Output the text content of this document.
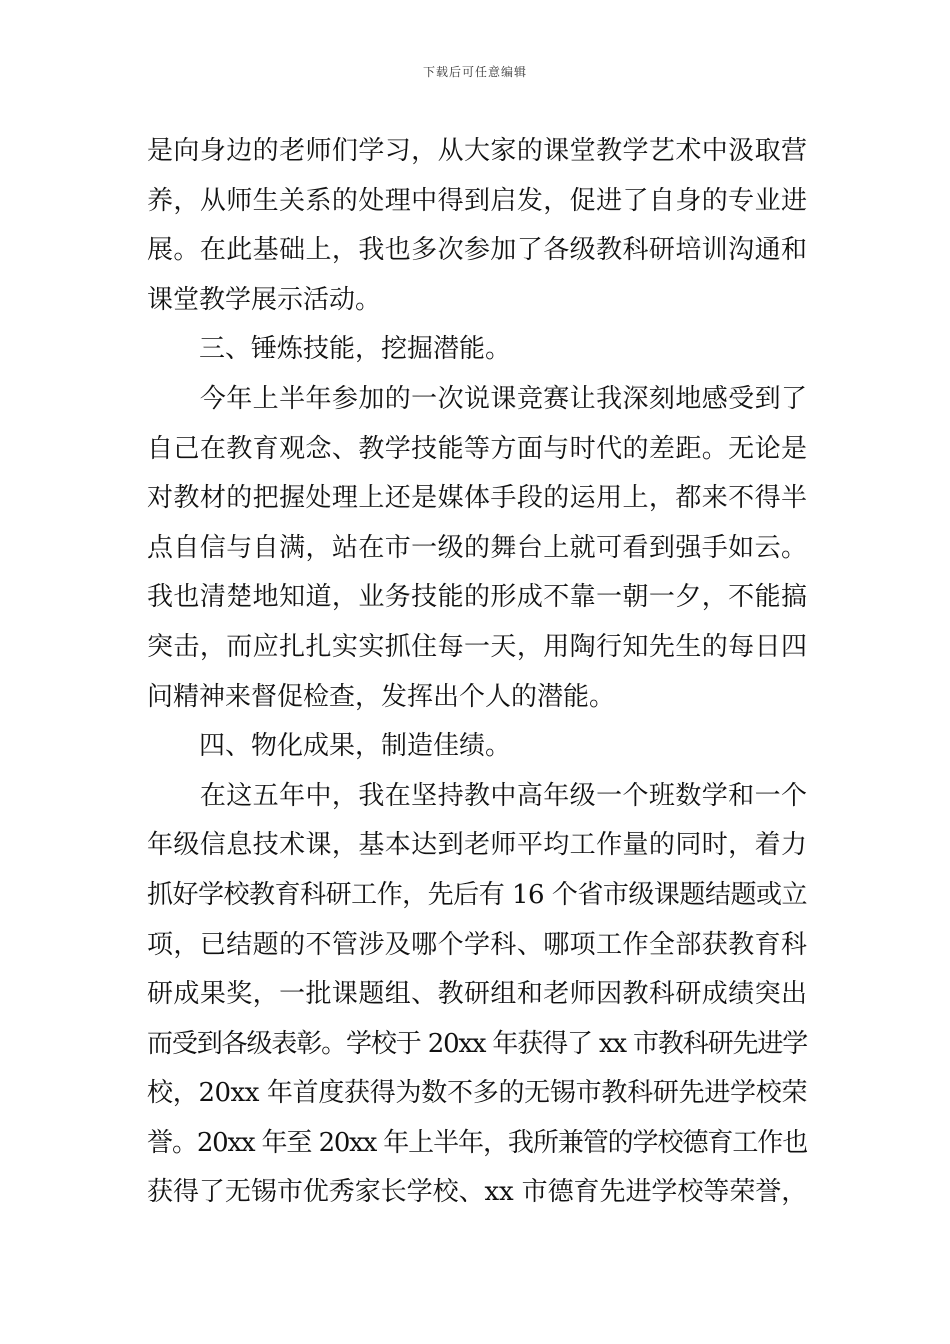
下载后可任意编辑
是向身边的老师们学习，从大家的课堂教学艺术中汲取营
养，从师生关系的处理中得到启发，促进了自身的专业进
展。在此基础上，我也多次参加了各级教科研培训沟通和
课堂教学展示活动。
　　三、锤炼技能，挖掘潜能。
　　今年上半年参加的一次说课竞赛让我深刻地感受到了
自己在教育观念、教学技能等方面与时代的差距。无论是
对教材的把握处理上还是媒体手段的运用上，都来不得半
点自信与自满，站在市一级的舞台上就可看到强手如云。
我也清楚地知道，业务技能的形成不靠一朝一夕，不能搞
突击，而应扎扎实实抓住每一天，用陶行知先生的每日四
问精神来督促检查，发挥出个人的潜能。
　　四、物化成果，制造佳绩。
　　在这五年中，我在坚持教中高年级一个班数学和一个
年级信息技术课，基本达到老师平均工作量的同时，着力
抓好学校教育科研工作，先后有 16 个省市级课题结题或立
项，已结题的不管涉及哪个学科、哪项工作全部获教育科
研成果奖，一批课题组、教研组和老师因教科研成绩突出
而受到各级表彰。学校于 20xx 年获得了 xx 市教科研先进学
校，20xx 年首度获得为数不多的无锡市教科研先进学校荣
誉。20xx 年至 20xx 年上半年，我所兼管的学校德育工作也
获得了无锡市优秀家长学校、xx 市德育先进学校等荣誉，
